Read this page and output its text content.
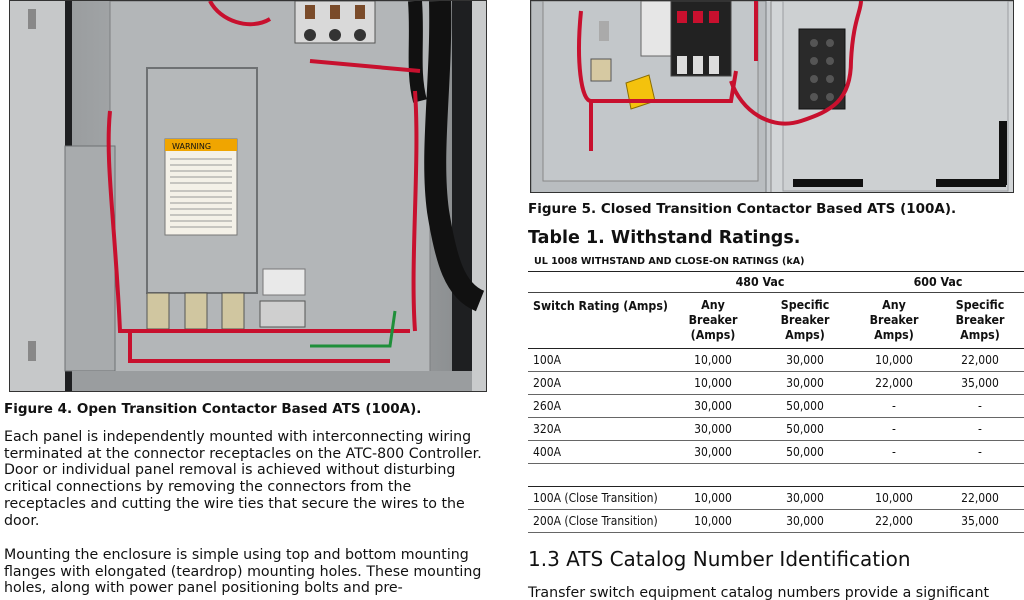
WARNING
Figure 4. Open Transition Contactor Based ATS (100A).
Figure 5. Closed Transition Contactor Based ATS (100A).

Each panel is independently mounted with interconnecting wiring terminated at the connector receptacles on the ATC-800 Controller. Door or individual panel removal is achieved without disturbing critical connections by removing the connectors from the receptacles and cutting the wire ties that secure the wires to the door.

Mounting the enclosure is simple using top and bottom mounting flanges with elongated (teardrop) mounting holes. These mounting holes, along with power panel positioning bolts and pre-

Table 1. Withstand Ratings.
UL 1008 WITHSTAND AND CLOSE-ON RATINGS (kA)
	480 Vac		600 Vac	
Switch Rating (Amps)	Any
Breaker
(Amps)	Specific
Breaker
Amps)	Any
Breaker
Amps)	Specific
Breaker
Amps)
100A	10,000	30,000	10,000	22,000
200A	10,000	30,000	22,000	35,000
260A	30,000	50,000	-	-
320A	30,000	50,000	-	-
400A	30,000	50,000	-	-

100A (Close Transition)	10,000	30,000	10,000	22,000
200A (Close Transition)	10,000	30,000	22,000	35,000
1.3 ATS Catalog Number Identification
Transfer switch equipment catalog numbers provide a significant
